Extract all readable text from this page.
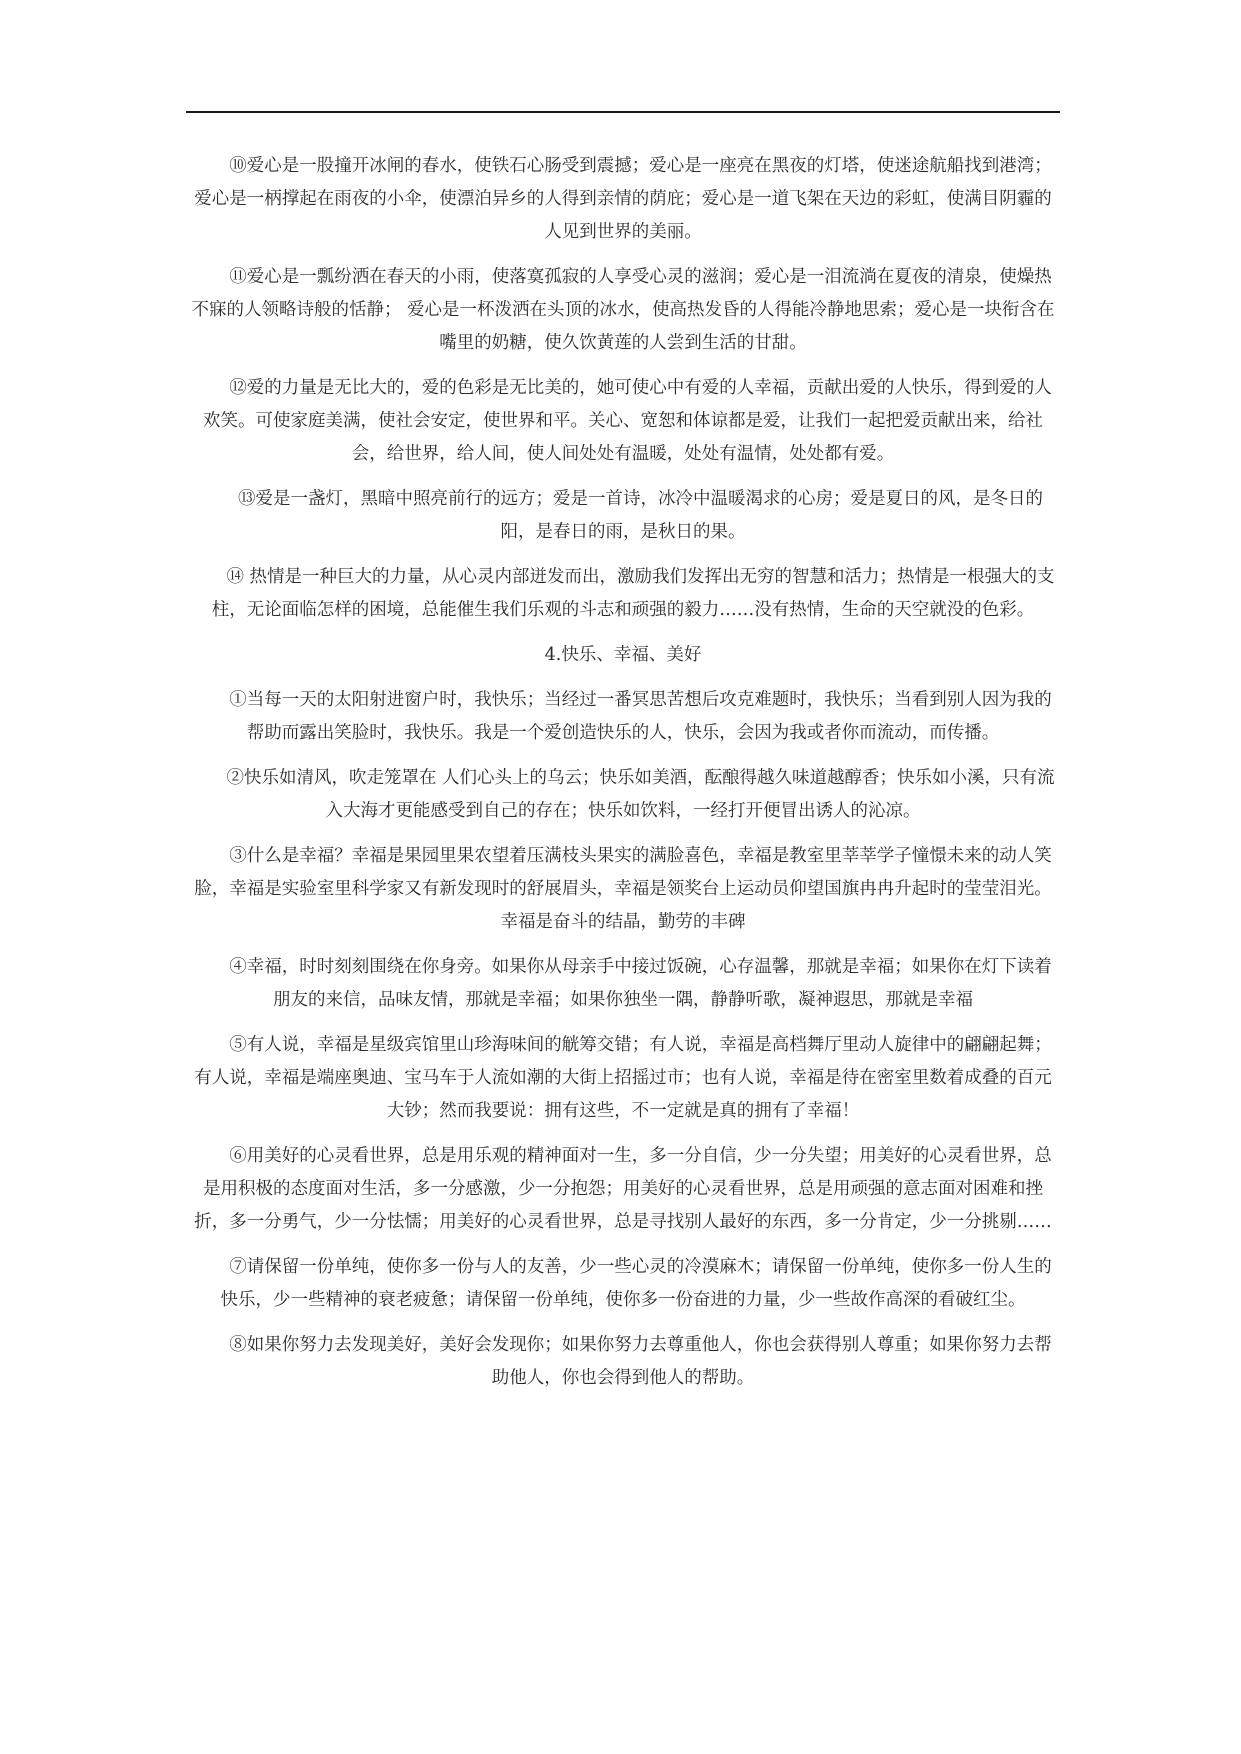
⑩爱心是一股撞开冰闸的春水，使铁石心肠受到震撼；爱心是一座亮在黑夜的灯塔，使迷途航船找到港湾；爱心是一柄撑起在雨夜的小伞，使漂泊异乡的人得到亲情的荫庇；爱心是一道飞架在天边的彩虹，使满目阴霾的人见到世界的美丽。

⑪爱心是一瓢纷洒在春天的小雨，使落寞孤寂的人享受心灵的滋润；爱心是一泪流淌在夏夜的清泉，使燥热不寐的人领略诗般的恬静； 爱心是一杯泼洒在头顶的冰水，使高热发昏的人得能冷静地思索；爱心是一块衔含在嘴里的奶糖，使久饮黄莲的人尝到生活的甘甜。

⑫爱的力量是无比大的，爱的色彩是无比美的，她可使心中有爱的人幸福，贡献出爱的人快乐，得到爱的人欢笑。可使家庭美满，使社会安定，使世界和平。关心、宽恕和体谅都是爱，让我们一起把爱贡献出来，给社会，给世界，给人间，使人间处处有温暖，处处有温情，处处都有爱。

⑬爱是一盏灯，黑暗中照亮前行的远方；爱是一首诗，冰冷中温暖渴求的心房；爱是夏日的风，是冬日的阳，是春日的雨，是秋日的果。

⑭ 热情是一种巨大的力量，从心灵内部迸发而出，激励我们发挥出无穷的智慧和活力；热情是一根强大的支柱，无论面临怎样的困境，总能催生我们乐观的斗志和顽强的毅力……没有热情，生命的天空就没的色彩。

4.快乐、幸福、美好

①当每一天的太阳射进窗户时，我快乐；当经过一番冥思苦想后攻克难题时，我快乐；当看到别人因为我的帮助而露出笑脸时，我快乐。我是一个爱创造快乐的人，快乐，会因为我或者你而流动，而传播。

②快乐如清风，吹走笼罩在 人们心头上的乌云；快乐如美酒，酝酿得越久味道越醇香；快乐如小溪，只有流入大海才更能感受到自己的存在；快乐如饮料，一经打开便冒出诱人的沁凉。

③什么是幸福？幸福是果园里果农望着压满枝头果实的满脸喜色，幸福是教室里莘莘学子憧憬未来的动人笑脸，幸福是实验室里科学家又有新发现时的舒展眉头，幸福是领奖台上运动员仰望国旗冉冉升起时的莹莹泪光。幸福是奋斗的结晶，勤劳的丰碑

④幸福，时时刻刻围绕在你身旁。如果你从母亲手中接过饭碗，心存温馨，那就是幸福；如果你在灯下读着朋友的来信，品味友情，那就是幸福；如果你独坐一隅，静静听歌，凝神遐思，那就是幸福

⑤有人说，幸福是星级宾馆里山珍海味间的觥筹交错；有人说，幸福是高档舞厅里动人旋律中的翩翩起舞；有人说，幸福是端座奥迪、宝马车于人流如潮的大街上招摇过市；也有人说，幸福是待在密室里数着成叠的百元大钞；然而我要说：拥有这些，不一定就是真的拥有了幸福！

⑥用美好的心灵看世界，总是用乐观的精神面对一生，多一分自信，少一分失望；用美好的心灵看世界，总是用积极的态度面对生活，多一分感激，少一分抱怨；用美好的心灵看世界，总是用顽强的意志面对困难和挫折，多一分勇气，少一分怯懦；用美好的心灵看世界，总是寻找别人最好的东西，多一分肯定，少一分挑剔……

⑦请保留一份单纯，使你多一份与人的友善，少一些心灵的冷漠麻木；请保留一份单纯，使你多一份人生的快乐，少一些精神的衰老疲惫；请保留一份单纯，使你多一份奋进的力量，少一些故作高深的看破红尘。

⑧如果你努力去发现美好，美好会发现你；如果你努力去尊重他人，你也会获得别人尊重；如果你努力去帮助他人，你也会得到他人的帮助。
